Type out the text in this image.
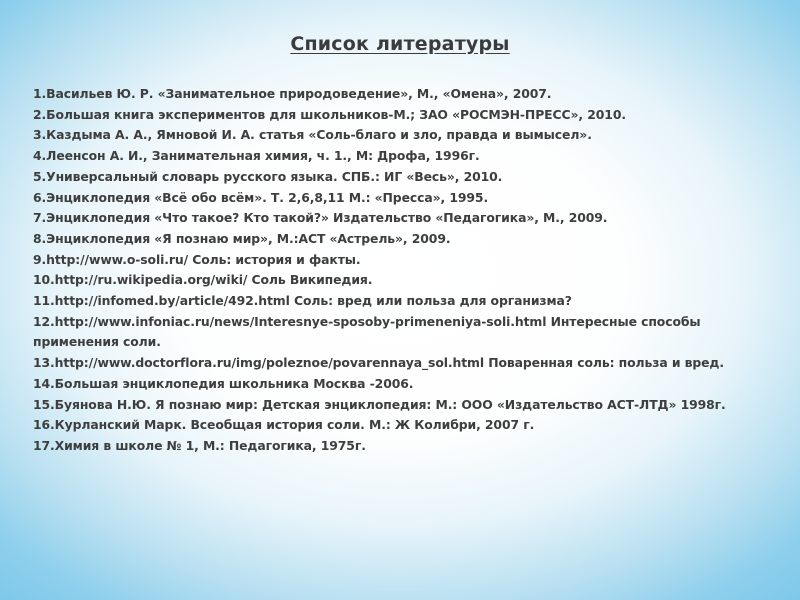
Список литературы
1.Васильев Ю. Р. «Занимательное природоведение», М., «Омена», 2007.
2.Большая книга экспериментов для школьников-М.; ЗАО «РОСМЭН-ПРЕСС», 2010.
3.Каздыма А. А., Ямновой И. А. статья «Соль-благо и зло, правда и вымысел».
4.Леенсон А. И., Занимательная химия, ч. 1., М: Дрофа, 1996г.
5.Универсальный словарь русского языка. СПБ.: ИГ «Весь», 2010.
6.Энциклопедия «Всё обо всём». Т. 2,6,8,11 М.: «Пресса», 1995.
7.Энциклопедия «Что такое? Кто такой?» Издательство «Педагогика», М., 2009.
8.Энциклопедия «Я познаю мир», М.:АСТ «Астрель», 2009.
9.http://www.o-soli.ru/ Соль: история и факты.
10.http://ru.wikipedia.org/wiki/ Соль Википедия.
11.http://infomed.by/article/492.html Соль: вред или польза для организма?
12.http://www.infoniac.ru/news/Interesnye-sposoby-primeneniya-soli.html Интересные способы применения соли.
13.http://www.doctorflora.ru/img/poleznoe/povarennaya_sol.html Поваренная соль: польза и вред.
14.Большая энциклопедия школьника Москва -2006.
15.Буянова Н.Ю. Я познаю мир: Детская энциклопедия: М.: ООО «Издательство АСТ-ЛТД» 1998г.
16.Курланский Марк. Всеобщая история соли. М.: Ж Колибри, 2007 г.
17.Химия в школе № 1, М.: Педагогика, 1975г.
